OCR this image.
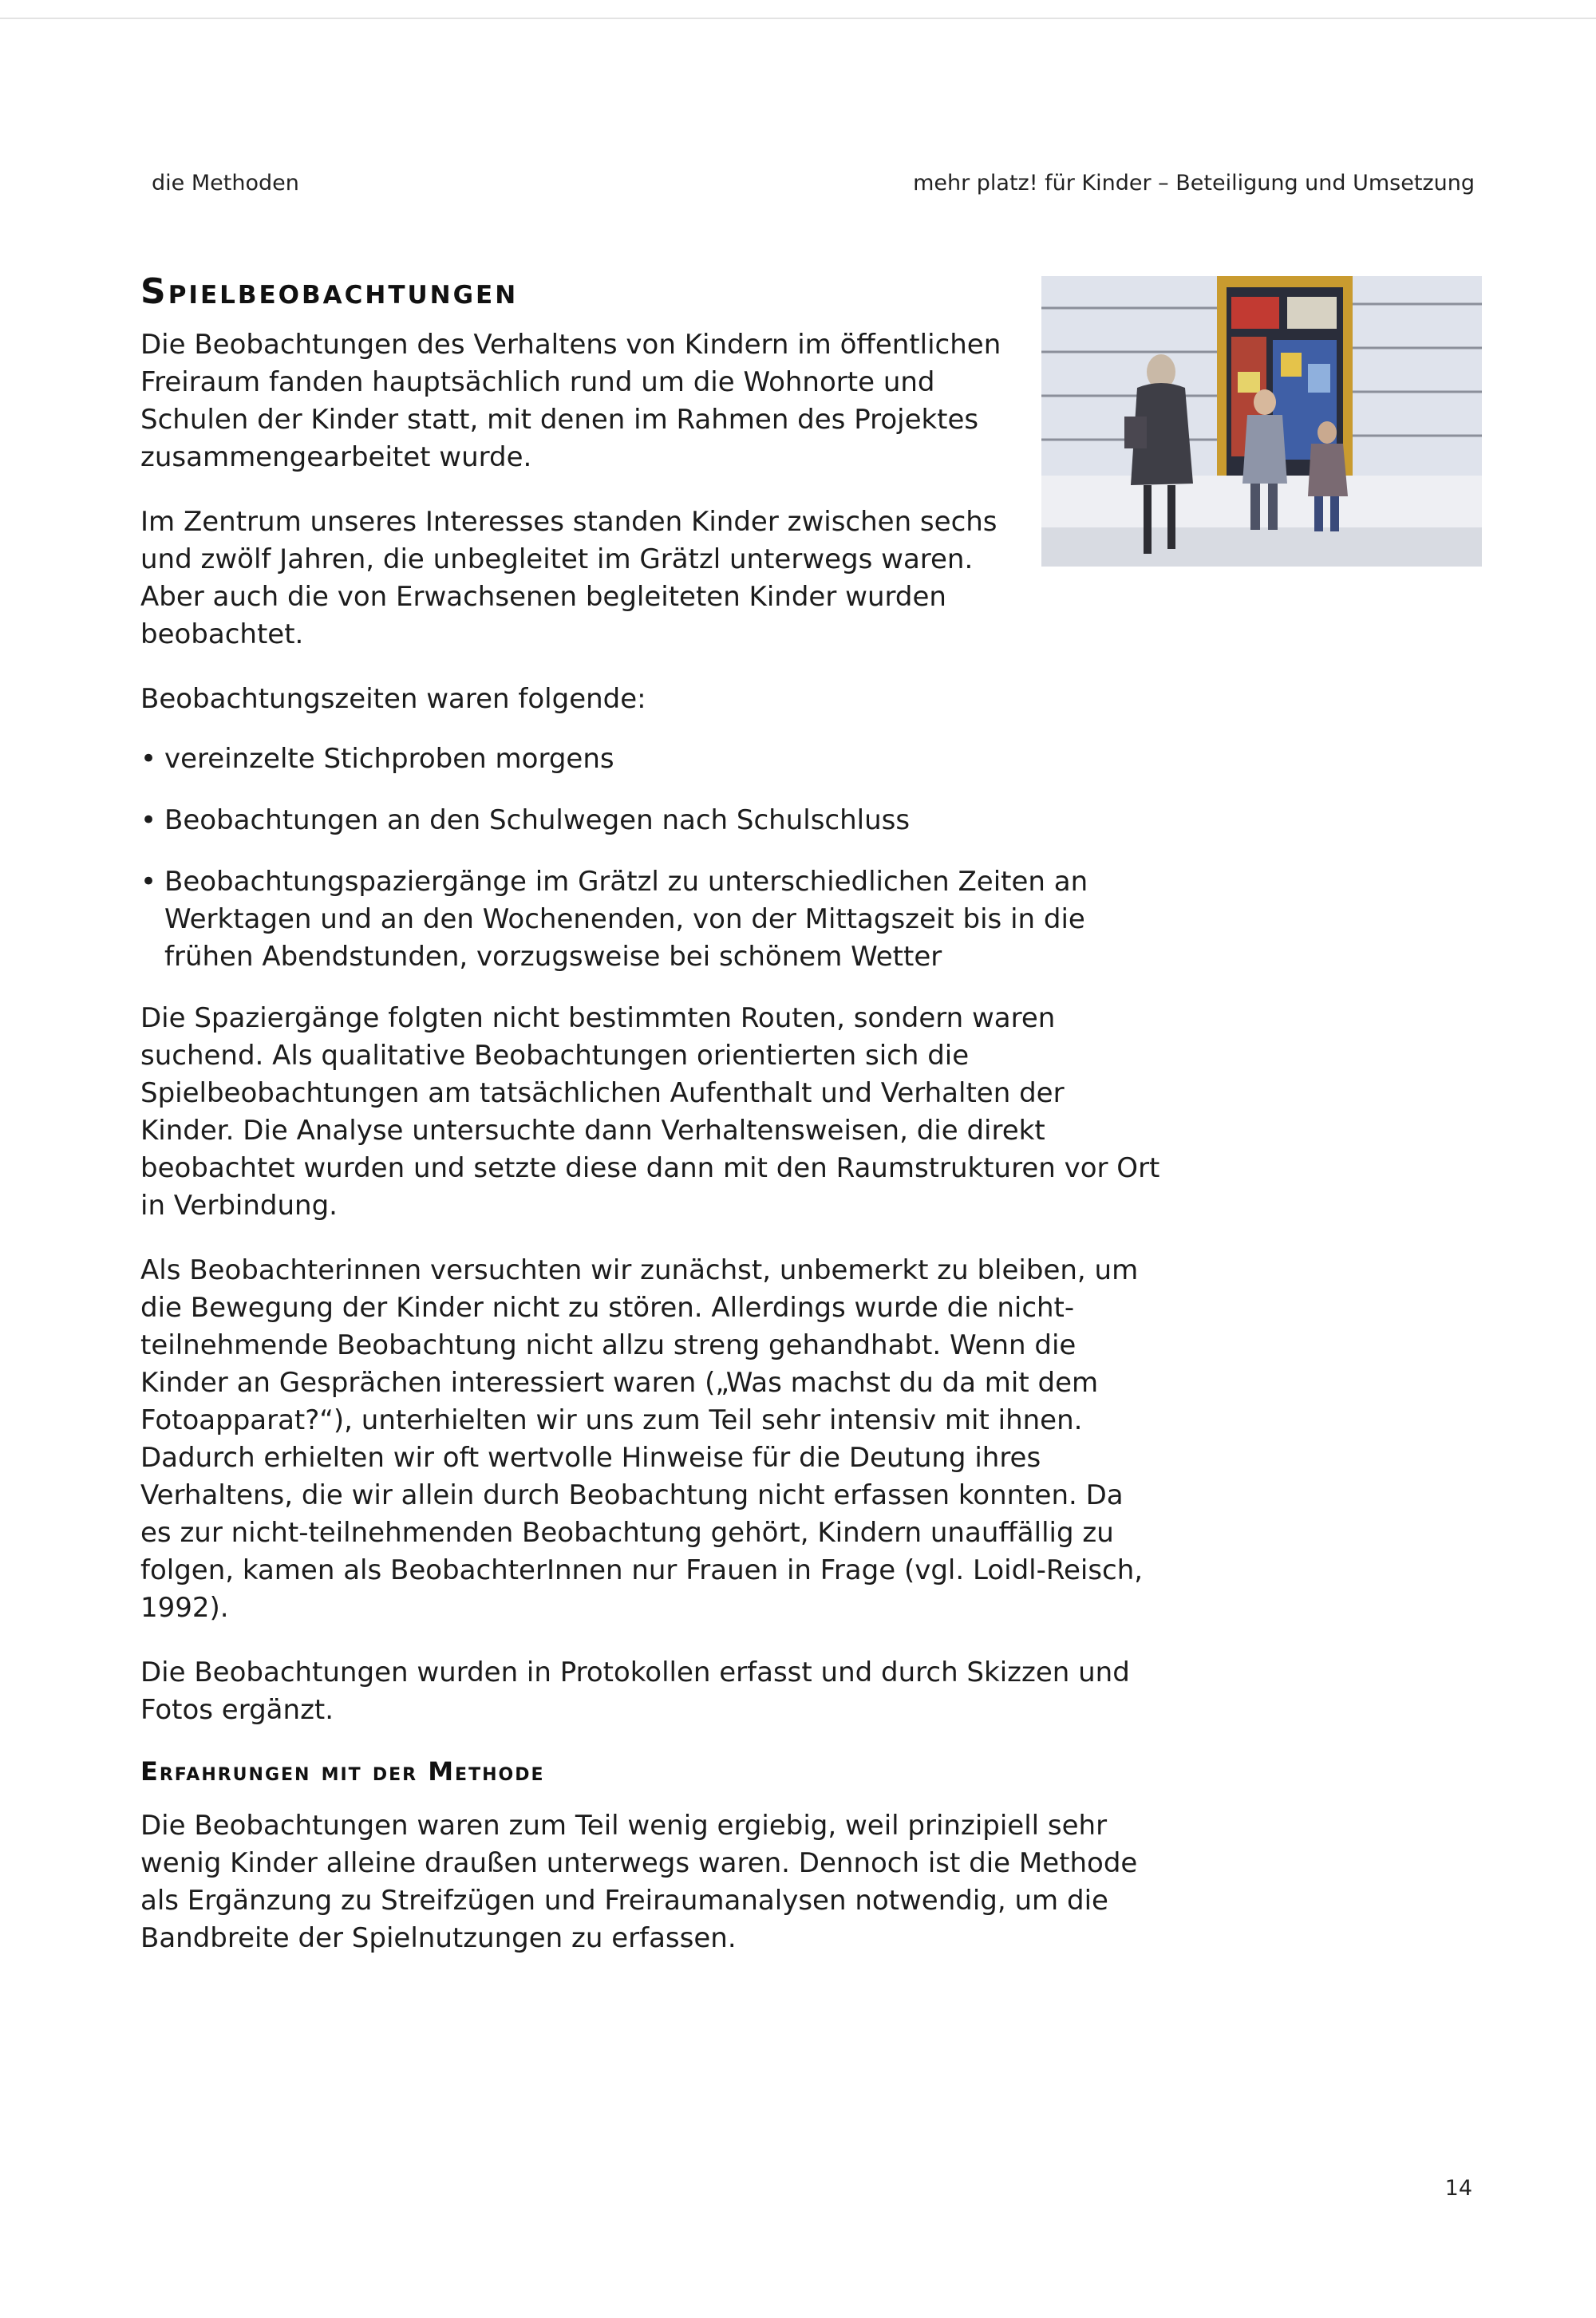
die Methoden	mehr platz! für Kinder – Beteiligung und Umsetzung
Spielbeobachtungen

Die Beobachtungen des Verhaltens von Kindern im öffentlichen Freiraum fanden hauptsächlich rund um die Wohnorte und Schulen der Kinder statt, mit denen im Rahmen des Projektes zusammengearbeitet wurde.

Im Zentrum unseres Interesses standen Kinder zwischen sechs und zwölf Jahren, die unbegleitet im Grätzl unterwegs waren. Aber auch die von Erwachsenen begleiteten Kinder wurden beobachtet.

Beobachtungszeiten waren folgende:

• vereinzelte Stichproben morgens
• Beobachtungen an den Schulwegen nach Schulschluss
• Beobachtungspaziergänge im Grätzl zu unterschiedlichen Zeiten an Werktagen und an den Wochenenden, von der Mittagszeit bis in die frühen Abendstunden, vorzugsweise bei schönem Wetter

Die Spaziergänge folgten nicht bestimmten Routen, sondern waren suchend. Als qualitative Beobachtungen orientierten sich die Spielbeobachtungen am tatsächlichen Aufenthalt und Verhalten der Kinder. Die Analyse untersuchte dann Verhaltensweisen, die direkt beobachtet wurden und setzte diese dann mit den Raumstrukturen vor Ort in Verbindung.

Als Beobachterinnen versuchten wir zunächst, unbemerkt zu bleiben, um die Bewegung der Kinder nicht zu stören. Allerdings wurde die nicht-teilnehmende Beobachtung nicht allzu streng gehandhabt. Wenn die Kinder an Gesprächen interessiert waren („Was machst du da mit dem Fotoapparat?“), unterhielten wir uns zum Teil sehr intensiv mit ihnen. Dadurch erhielten wir oft wertvolle Hinweise für die Deutung ihres Verhaltens, die wir allein durch Beobachtung nicht erfassen konnten. Da es zur nicht-teilnehmenden Beobachtung gehört, Kindern unauffällig zu folgen, kamen als BeobachterInnen nur Frauen in Frage (vgl. Loidl-Reisch, 1992).

Die Beobachtungen wurden in Protokollen erfasst und durch Skizzen und Fotos ergänzt.

Erfahrungen mit der Methode

Die Beobachtungen waren zum Teil wenig ergiebig, weil prinzipiell sehr wenig Kinder alleine draußen unterwegs waren. Dennoch ist die Methode als Ergänzung zu Streifzügen und Freiraumanalysen notwendig, um die Bandbreite der Spielnutzungen zu erfassen.

14
